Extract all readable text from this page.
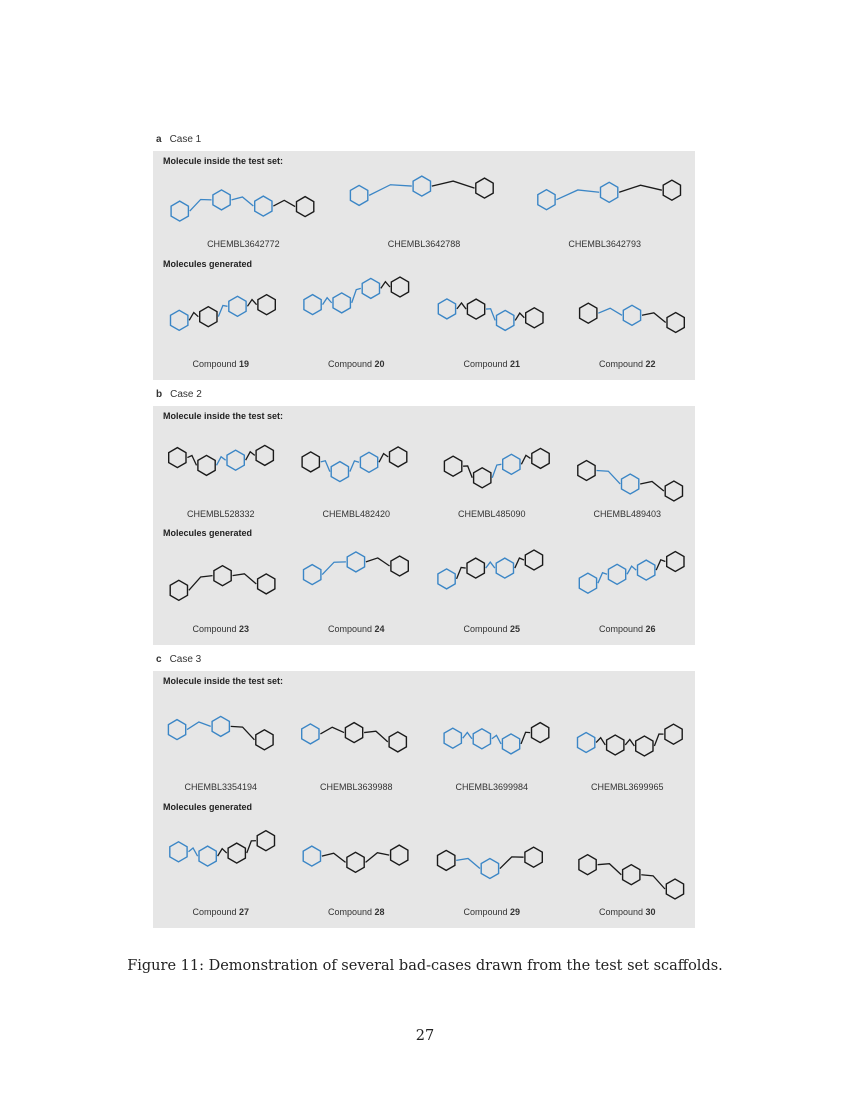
a Case 1
Molecule inside the test set:
Molecules generated
CHEMBL3642772	CHEMBL3642788	CHEMBL3642793
Compound 19	Compound 20	Compound 21	Compound 22
b Case 2
Molecule inside the test set:
Molecules generated
CHEMBL528332	CHEMBL482420	CHEMBL485090	CHEMBL489403
Compound 23	Compound 24	Compound 25	Compound 26
c Case 3
Molecule inside the test set:
Molecules generated
CHEMBL3354194	CHEMBL3639988	CHEMBL3699984	CHEMBL3699965
Compound 27	Compound 28	Compound 29	Compound 30
Figure 11: Demonstration of several bad-cases drawn from the test set scaffolds.
27
